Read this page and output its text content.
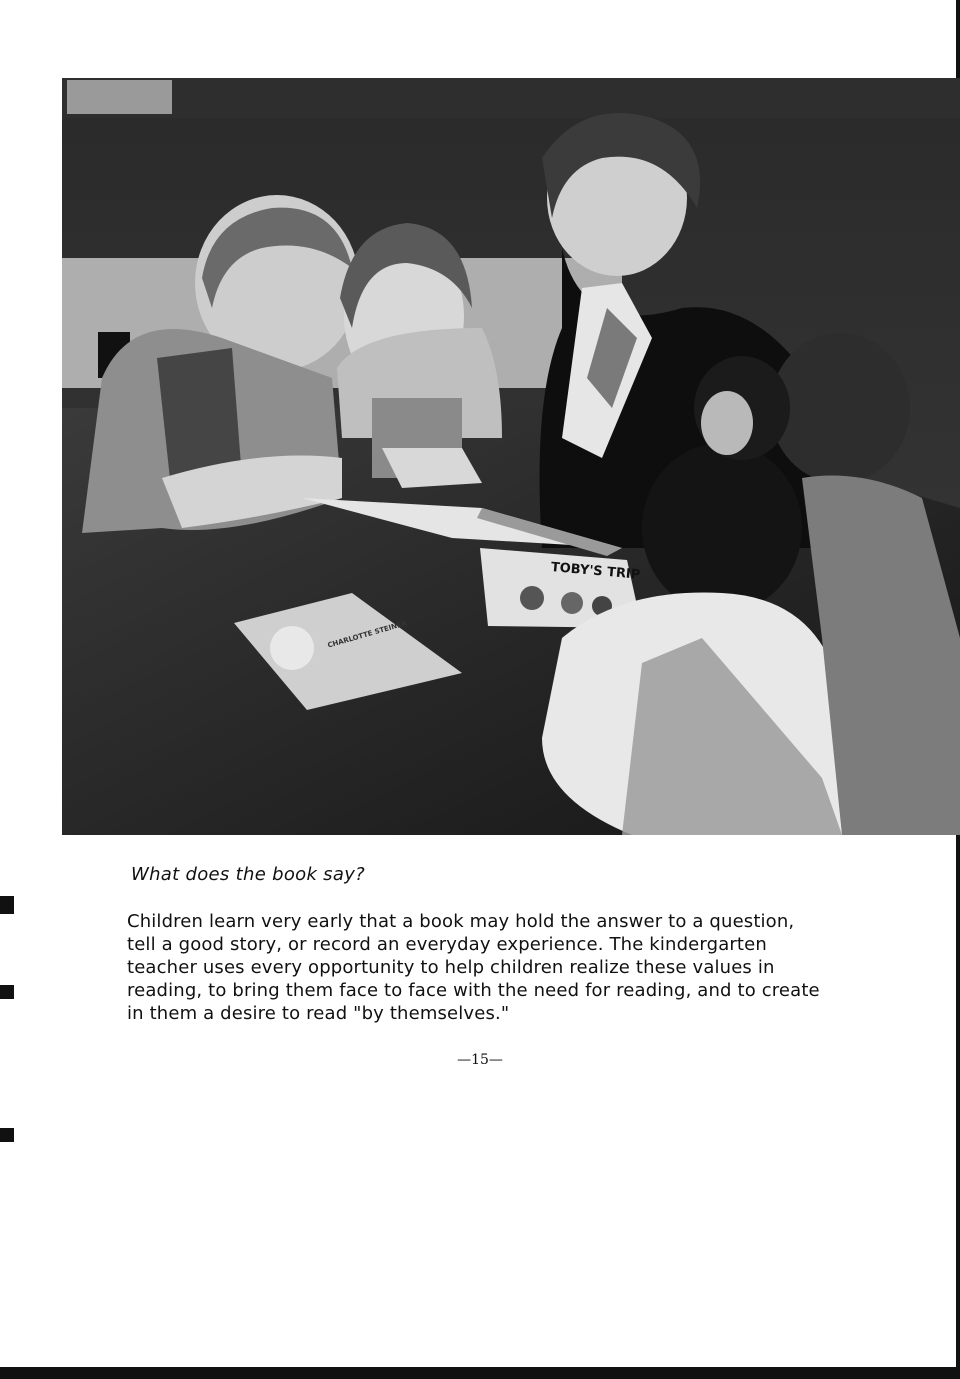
TOBY'S TRIP
CHARLOTTE STEINER
What does the book say?
Children learn very early that a book may hold the answer to a question, tell a good story, or record an everyday experience. The kindergarten teacher uses every opportunity to help children realize these values in reading, to bring them face to face with the need for reading, and to create in them a desire to read "by themselves."
—15—
